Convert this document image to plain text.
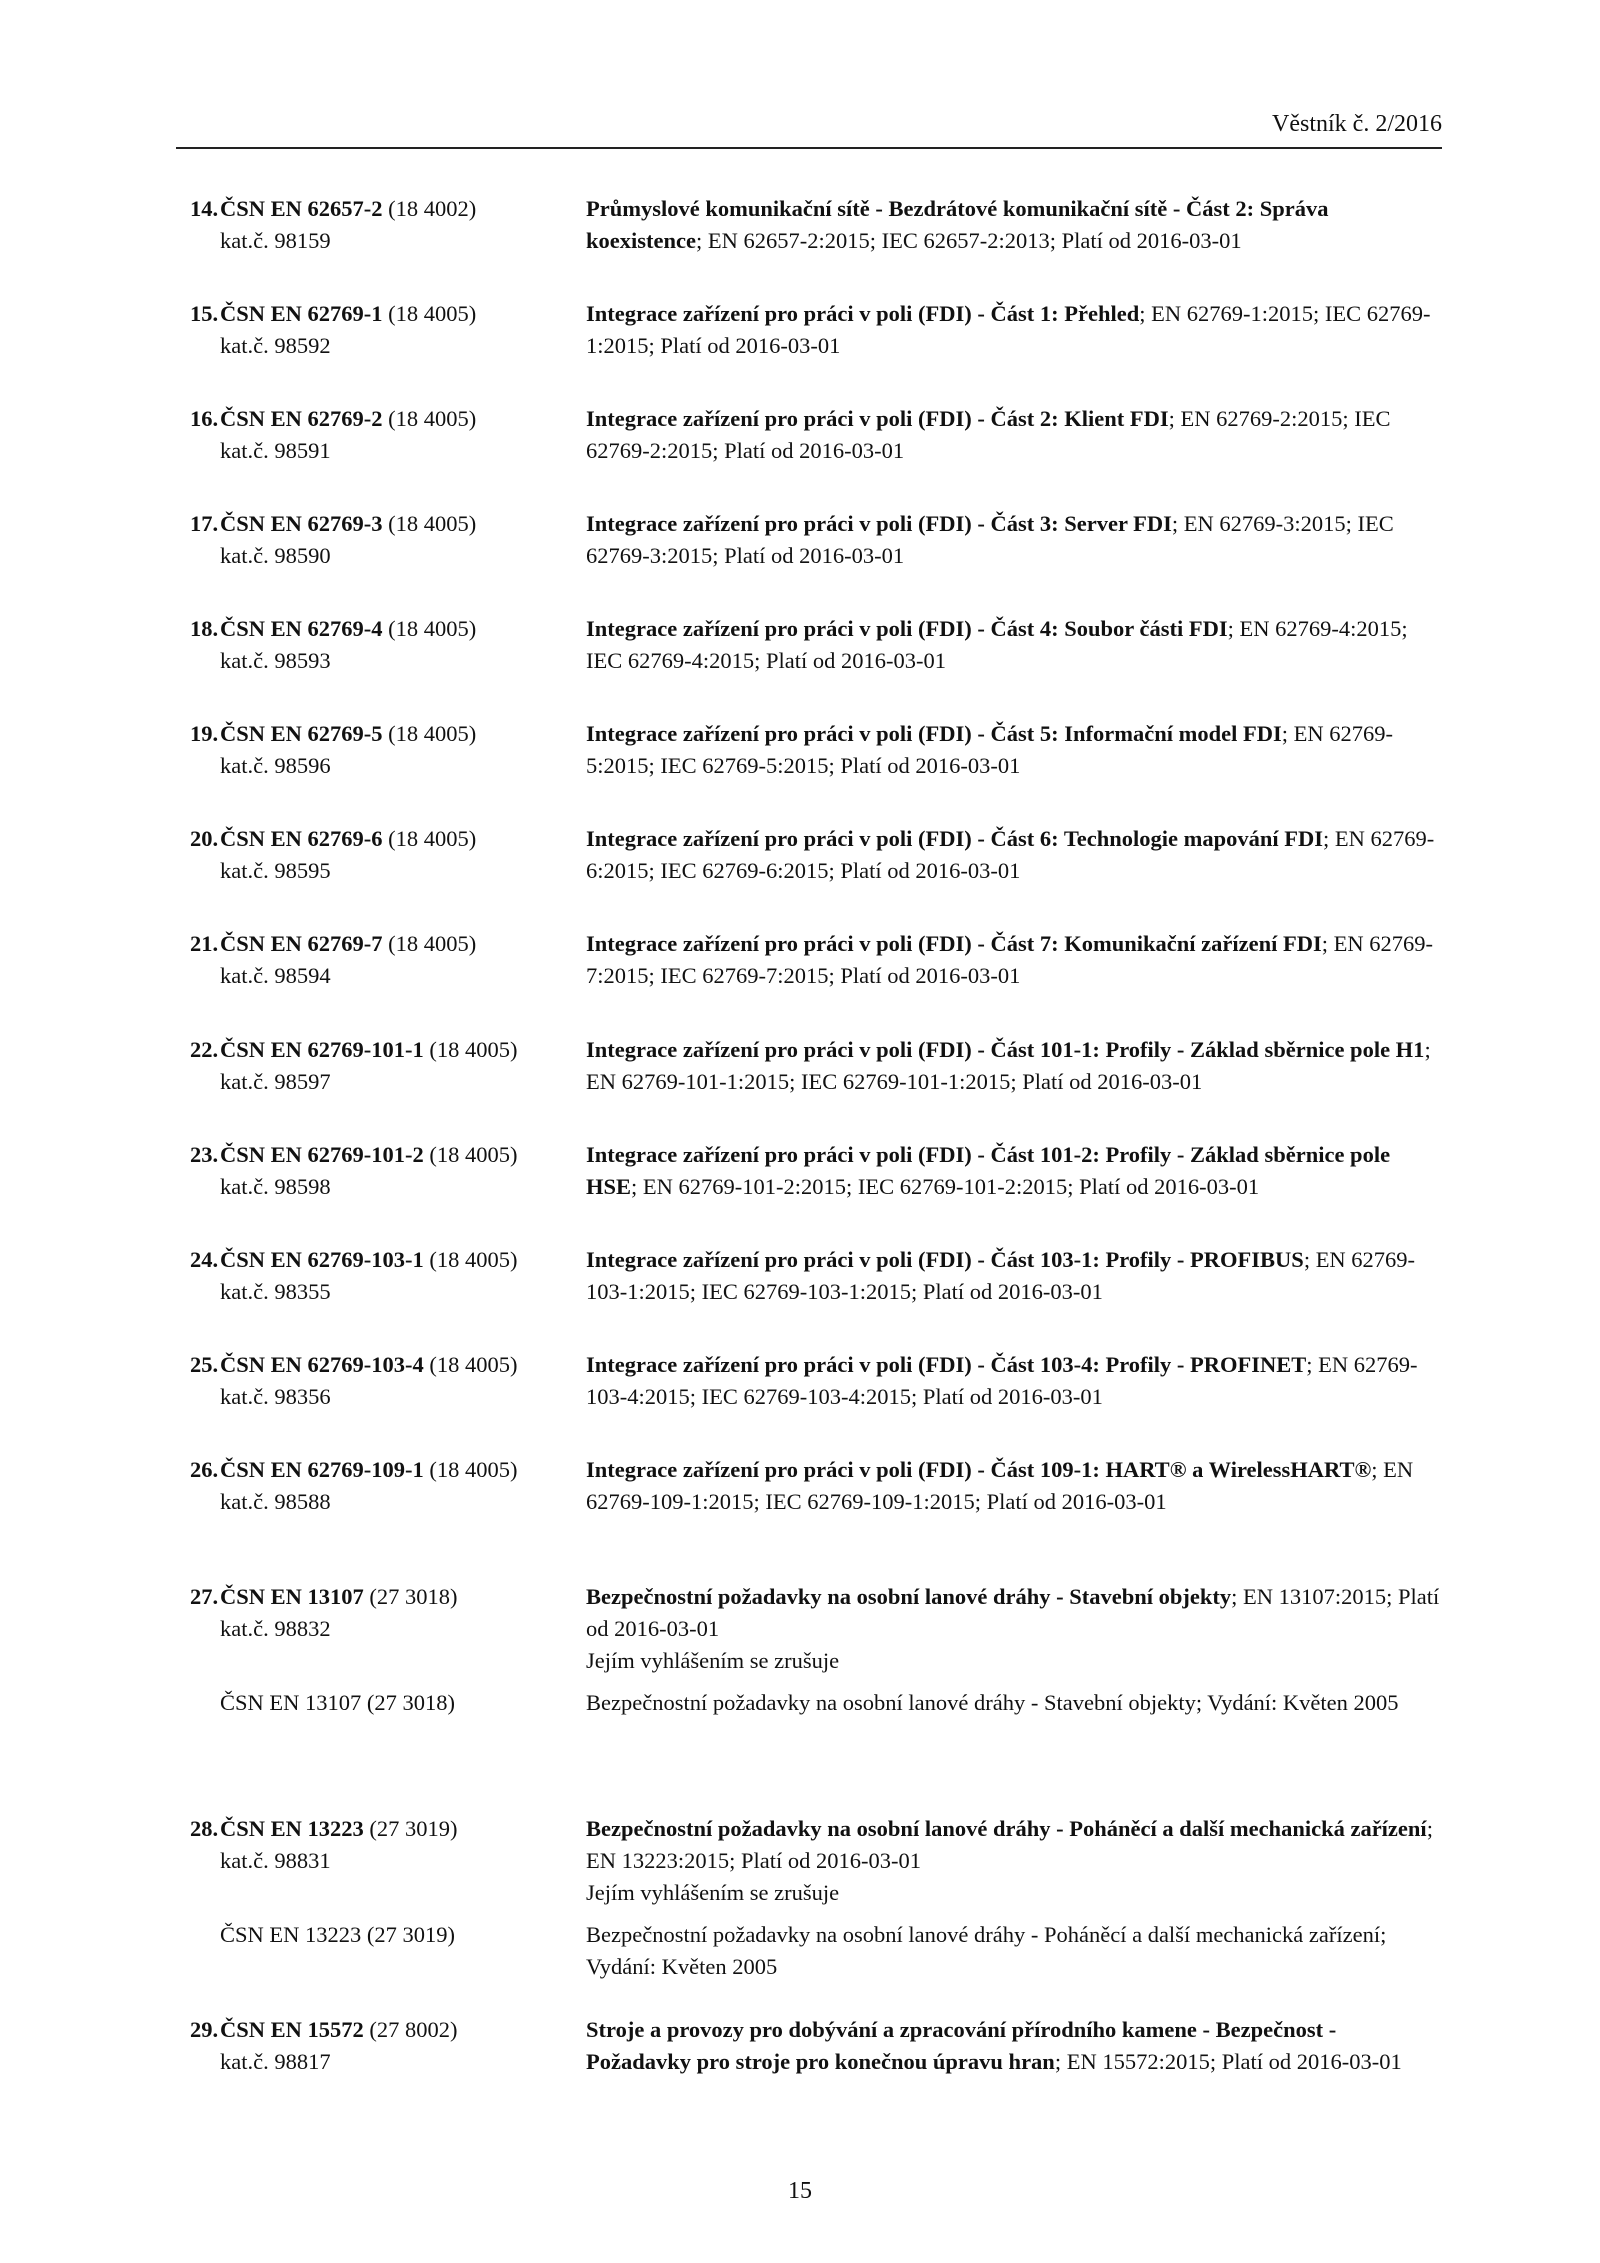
Věstník č. 2/2016
14.ČSN EN 62657-2 (18 4002)
kat.č. 98159
Průmyslové komunikační sítě - Bezdrátové komunikační sítě - Část 2: Správa koexistence; EN 62657-2:2015; IEC 62657-2:2013; Platí od 2016-03-01
15.ČSN EN 62769-1 (18 4005)
kat.č. 98592
Integrace zařízení pro práci v poli (FDI) - Část 1: Přehled; EN 62769-1:2015; IEC 62769-1:2015; Platí od 2016-03-01
16.ČSN EN 62769-2 (18 4005)
kat.č. 98591
Integrace zařízení pro práci v poli (FDI) - Část 2: Klient FDI; EN 62769-2:2015; IEC 62769-2:2015; Platí od 2016-03-01
17.ČSN EN 62769-3 (18 4005)
kat.č. 98590
Integrace zařízení pro práci v poli (FDI) - Část 3: Server FDI; EN 62769-3:2015; IEC 62769-3:2015; Platí od 2016-03-01
18.ČSN EN 62769-4 (18 4005)
kat.č. 98593
Integrace zařízení pro práci v poli (FDI) - Část 4: Soubor části FDI; EN 62769-4:2015; IEC 62769-4:2015; Platí od 2016-03-01
19.ČSN EN 62769-5 (18 4005)
kat.č. 98596
Integrace zařízení pro práci v poli (FDI) - Část 5: Informační model FDI; EN 62769-5:2015; IEC 62769-5:2015; Platí od 2016-03-01
20.ČSN EN 62769-6 (18 4005)
kat.č. 98595
Integrace zařízení pro práci v poli (FDI) - Část 6: Technologie mapování FDI; EN 62769-6:2015; IEC 62769-6:2015; Platí od 2016-03-01
21.ČSN EN 62769-7 (18 4005)
kat.č. 98594
Integrace zařízení pro práci v poli (FDI) - Část 7: Komunikační zařízení FDI; EN 62769-7:2015; IEC 62769-7:2015; Platí od 2016-03-01
22.ČSN EN 62769-101-1 (18 4005)
kat.č. 98597
Integrace zařízení pro práci v poli (FDI) - Část 101-1: Profily - Základ sběrnice pole H1; EN 62769-101-1:2015; IEC 62769-101-1:2015; Platí od 2016-03-01
23.ČSN EN 62769-101-2 (18 4005)
kat.č. 98598
Integrace zařízení pro práci v poli (FDI) - Část 101-2: Profily - Základ sběrnice pole HSE; EN 62769-101-2:2015; IEC 62769-101-2:2015; Platí od 2016-03-01
24.ČSN EN 62769-103-1 (18 4005)
kat.č. 98355
Integrace zařízení pro práci v poli (FDI) - Část 103-1: Profily - PROFIBUS; EN 62769-103-1:2015; IEC 62769-103-1:2015; Platí od 2016-03-01
25.ČSN EN 62769-103-4 (18 4005)
kat.č. 98356
Integrace zařízení pro práci v poli (FDI) - Část 103-4: Profily - PROFINET; EN 62769-103-4:2015; IEC 62769-103-4:2015; Platí od 2016-03-01
26.ČSN EN 62769-109-1 (18 4005)
kat.č. 98588
Integrace zařízení pro práci v poli (FDI) - Část 109-1: HART® a WirelessHART®; EN 62769-109-1:2015; IEC 62769-109-1:2015; Platí od 2016-03-01
27.ČSN EN 13107 (27 3018)
kat.č. 98832
Bezpečnostní požadavky na osobní lanové dráhy - Stavební objekty; EN 13107:2015; Platí od 2016-03-01
Jejím vyhlášením se zrušuje
ČSN EN 13107 (27 3018)	Bezpečnostní požadavky na osobní lanové dráhy - Stavební objekty; Vydání: Květen 2005
28.ČSN EN 13223 (27 3019)
kat.č. 98831
Bezpečnostní požadavky na osobní lanové dráhy - Poháněcí a další mechanická zařízení; EN 13223:2015; Platí od 2016-03-01
Jejím vyhlášením se zrušuje
ČSN EN 13223 (27 3019)	Bezpečnostní požadavky na osobní lanové dráhy - Poháněcí a další mechanická zařízení; Vydání: Květen 2005
29.ČSN EN 15572 (27 8002)
kat.č. 98817
Stroje a provozy pro dobývání a zpracování přírodního kamene - Bezpečnost - Požadavky pro stroje pro konečnou úpravu hran; EN 15572:2015; Platí od 2016-03-01
15
